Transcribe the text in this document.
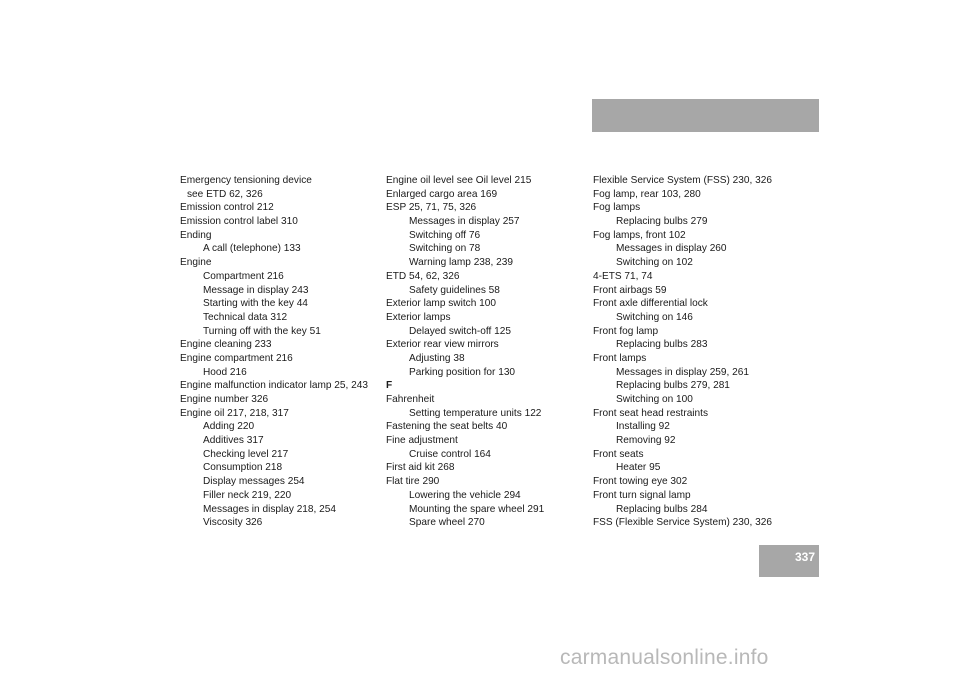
Index
Emergency tensioning device
see ETD 62, 326
Emission control 212
Emission control label 310
Ending
A call (telephone) 133
Engine
Compartment 216
Message in display 243
Starting with the key 44
Technical data 312
Turning off with the key 51
Engine cleaning 233
Engine compartment 216
Hood 216
Engine malfunction indicator lamp 25, 243
Engine number 326
Engine oil 217, 218, 317
Adding 220
Additives 317
Checking level 217
Consumption 218
Display messages 254
Filler neck 219, 220
Messages in display 218, 254
Viscosity 326
Engine oil level see Oil level 215
Enlarged cargo area 169
ESP 25, 71, 75, 326
Messages in display 257
Switching off 76
Switching on 78
Warning lamp 238, 239
ETD 54, 62, 326
Safety guidelines 58
Exterior lamp switch 100
Exterior lamps
Delayed switch-off 125
Exterior rear view mirrors
Adjusting 38
Parking position for 130
F
Fahrenheit
Setting temperature units 122
Fastening the seat belts 40
Fine adjustment
Cruise control 164
First aid kit 268
Flat tire 290
Lowering the vehicle 294
Mounting the spare wheel 291
Spare wheel 270
Flexible Service System (FSS) 230, 326
Fog lamp, rear 103, 280
Fog lamps
Replacing bulbs 279
Fog lamps, front 102
Messages in display 260
Switching on 102
4-ETS 71, 74
Front airbags 59
Front axle differential lock
Switching on 146
Front fog lamp
Replacing bulbs 283
Front lamps
Messages in display 259, 261
Replacing bulbs 279, 281
Switching on 100
Front seat head restraints
Installing 92
Removing 92
Front seats
Heater 95
Front towing eye 302
Front turn signal lamp
Replacing bulbs 284
FSS (Flexible Service System) 230, 326
337
carmanualsonline.info
